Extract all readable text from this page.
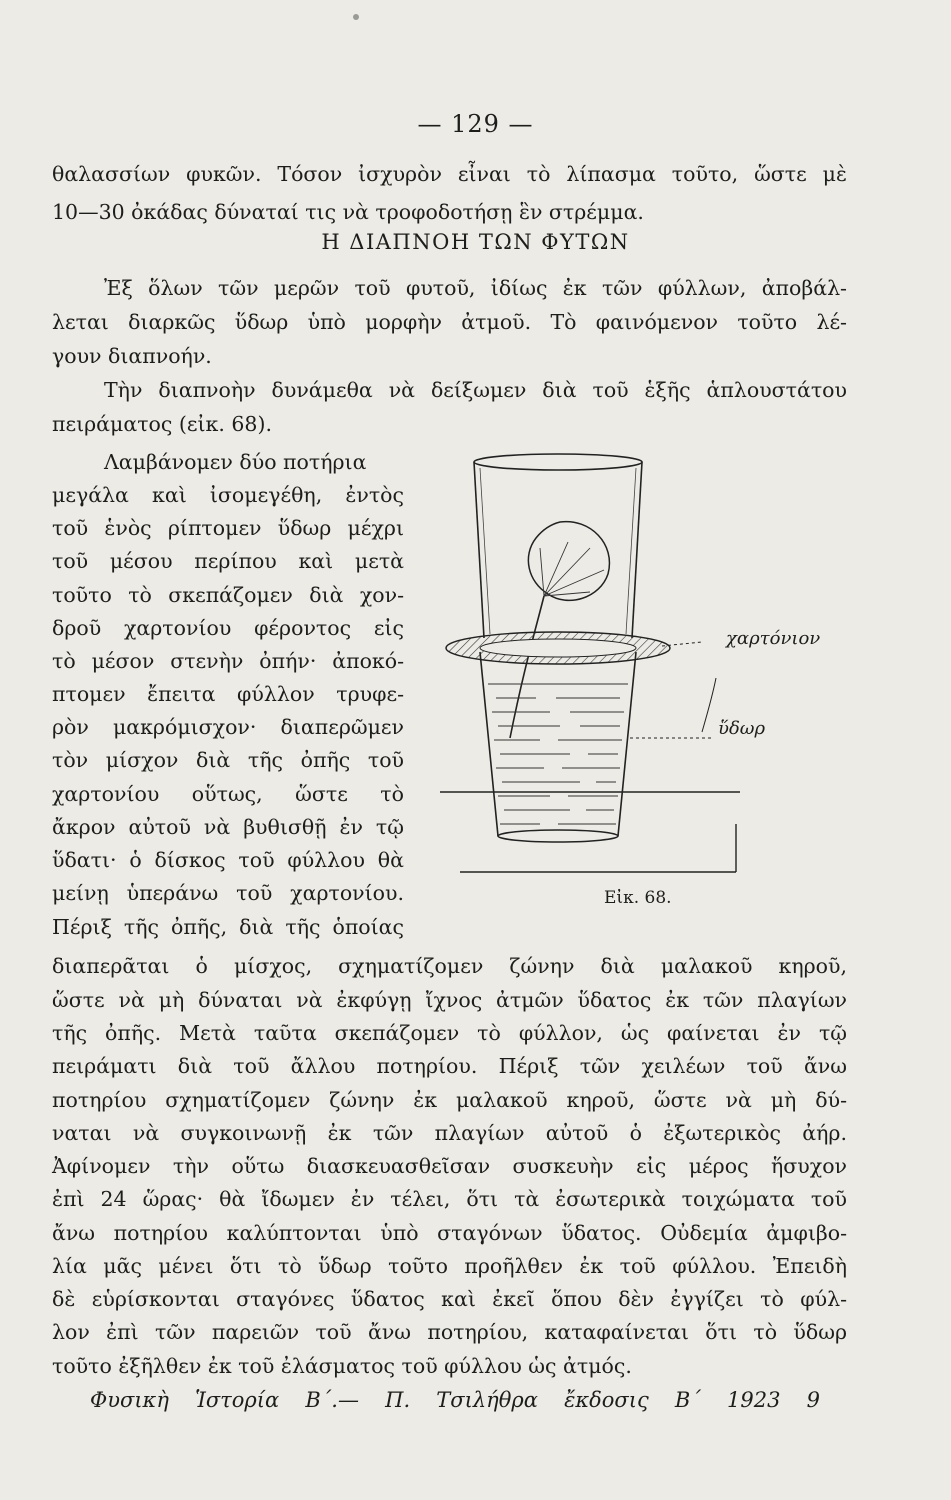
— 129 —
θαλασσίων φυκῶν. Τόσον ἰσχυρὸν εἶναι τὸ λίπασμα τοῦτο, ὥστε μὲ
10—30 ὀκάδας δύναταί τις νὰ τροφοδοτήσῃ ἓν στρέμμα.
Η ΔΙΑΠΝΟΗ ΤΩΝ ΦΥΤΩΝ
Ἐξ ὅλων τῶν μερῶν τοῦ φυτοῦ, ἰδίως ἐκ τῶν φύλλων, ἀποβάλ-
λεται διαρκῶς ὕδωρ ὑπὸ μορφὴν ἀτμοῦ. Τὸ φαινόμενον τοῦτο λέ-
γουν διαπνοήν.
Τὴν διαπνοὴν δυνάμεθα νὰ δείξωμεν διὰ τοῦ ἑξῆς ἁπλουστάτου
πειράματος (εἰκ. 68).
Λαμβάνομεν δύο ποτήρια
μεγάλα καὶ ἰσομεγέθη, ἐντὸς
τοῦ ἑνὸς ρίπτομεν ὕδωρ μέχρι
τοῦ μέσου περίπου καὶ μετὰ
τοῦτο τὸ σκεπάζομεν διὰ χον-
δροῦ χαρτονίου φέροντος εἰς
τὸ μέσον στενὴν ὀπήν· ἀποκό-
πτομεν ἔπειτα φύλλον τρυφε-
ρὸν μακρόμισχον· διαπερῶμεν
τὸν μίσχον διὰ τῆς ὀπῆς τοῦ
χαρτονίου οὕτως, ὥστε τὸ
ἄκρον αὐτοῦ νὰ βυθισθῇ ἐν τῷ
ὕδατι· ὁ δίσκος τοῦ φύλλου θὰ
μείνῃ ὑπεράνω τοῦ χαρτονίου.
Πέριξ τῆς ὀπῆς, διὰ τῆς ὁποίας
διαπερᾶται ὁ μίσχος, σχηματίζομεν ζώνην διὰ μαλακοῦ κηροῦ,
ὥστε νὰ μὴ δύναται νὰ ἐκφύγῃ ἴχνος ἀτμῶν ὕδατος ἐκ τῶν πλαγίων
τῆς ὀπῆς. Μετὰ ταῦτα σκεπάζομεν τὸ φύλλον, ὡς φαίνεται ἐν τῷ
πειράματι διὰ τοῦ ἄλλου ποτηρίου. Πέριξ τῶν χειλέων τοῦ ἄνω
ποτηρίου σχηματίζομεν ζώνην ἐκ μαλακοῦ κηροῦ, ὥστε νὰ μὴ δύ-
ναται νὰ συγκοινωνῇ ἐκ τῶν πλαγίων αὐτοῦ ὁ ἐξωτερικὸς ἀήρ.
Ἀφίνομεν τὴν οὕτω διασκευασθεῖσαν συσκευὴν εἰς μέρος ἥσυχον
ἐπὶ 24 ὥρας· θὰ ἴδωμεν ἐν τέλει, ὅτι τὰ ἐσωτερικὰ τοιχώματα τοῦ
ἄνω ποτηρίου καλύπτονται ὑπὸ σταγόνων ὕδατος. Οὐδεμία ἀμφιβο-
λία μᾶς μένει ὅτι τὸ ὕδωρ τοῦτο προῆλθεν ἐκ τοῦ φύλλου. Ἐπειδὴ
δὲ εὑρίσκονται σταγόνες ὕδατος καὶ ἐκεῖ ὅπου δὲν ἐγγίζει τὸ φύλ-
λον ἐπὶ τῶν παρειῶν τοῦ ἄνω ποτηρίου, καταφαίνεται ὅτι τὸ ὕδωρ
τοῦτο ἐξῆλθεν ἐκ τοῦ ἐλάσματος τοῦ φύλλου ὡς ἀτμός.
χαρτόνιον
ὕδωρ
Εἰκ. 68.
Φυσικὴ Ἱστορία Β΄.— Π. Τσιλήθρα ἔκδοσις Β΄ 1923 9
